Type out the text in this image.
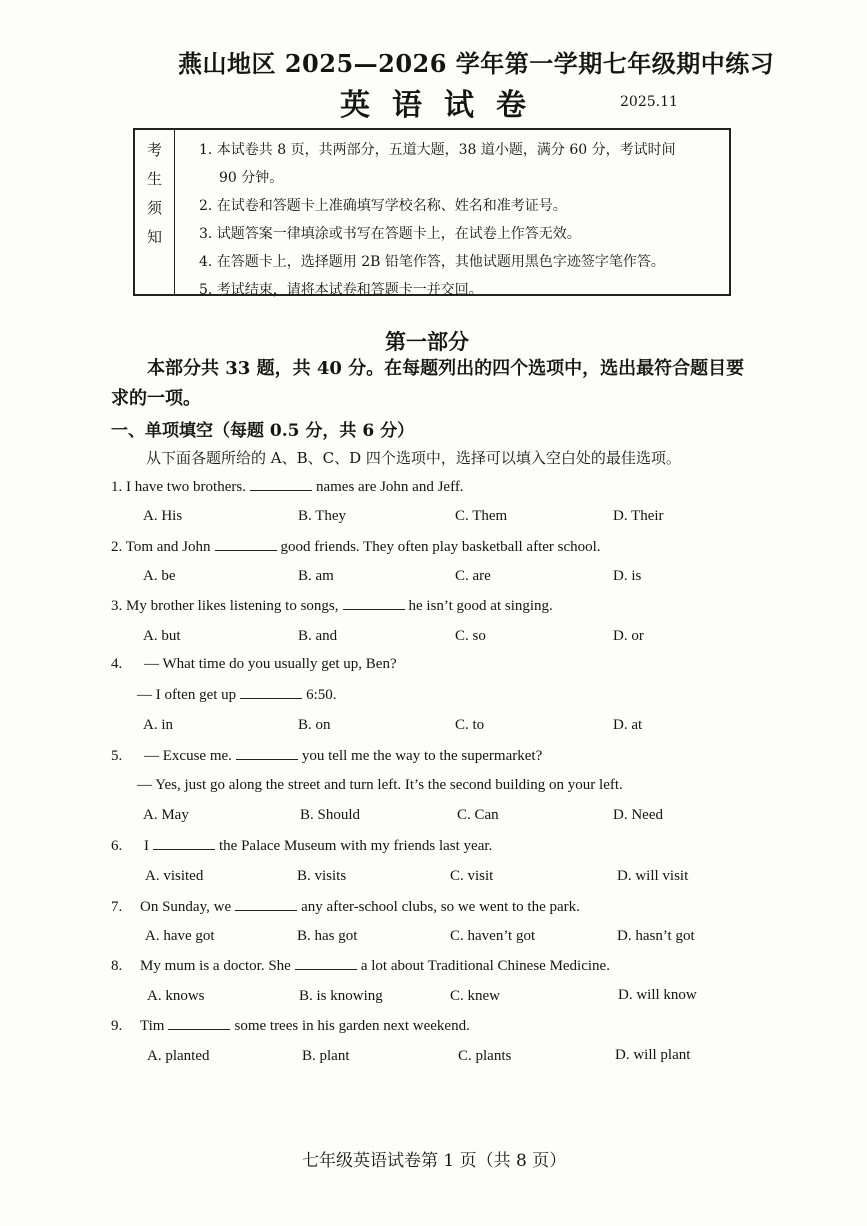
燕山地区 2025—2026 学年第一学期七年级期中练习
英语试卷	2025.11
考
生
须
知
1. 本试卷共 8 页，共两部分，五道大题，38 道小题，满分 60 分，考试时间
90 分钟。
2. 在试卷和答题卡上准确填写学校名称、姓名和准考证号。
3. 试题答案一律填涂或书写在答题卡上，在试卷上作答无效。
4. 在答题卡上，选择题用 2B 铅笔作答，其他试题用黑色字迹签字笔作答。
5. 考试结束，请将本试卷和答题卡一并交回。
第一部分
本部分共 33 题，共 40 分。在每题列出的四个选项中，选出最符合题目要求的一项。
一、单项填空（每题 0.5 分，共 6 分）
从下面各题所给的 A、B、C、D 四个选项中，选择可以填入空白处的最佳选项。
1. I have two brothers.	names are John and Jeff.
A. His	B. They	C. Them	D. Their
2. Tom and John	good friends. They often play basketball after school.
A. be	B. am	C. are	D. is
3. My brother likes listening to songs,	he isn’t good at singing.
A. but	B. and	C. so	D. or
4. — What time do you usually get up, Ben?
— I often get up	6:50.
A. in	B. on	C. to	D. at
5. — Excuse me.	you tell me the way to the supermarket?
— Yes, just go along the street and turn left. It’s the second building on your left.
A. May	B. Should	C. Can	D. Need
6. I	the Palace Museum with my friends last year.
A. visited	B. visits	C. visit	D. will visit
7. On Sunday, we	any after-school clubs, so we went to the park.
A. have got	B. has got	C. haven’t got	D. hasn’t got
8. My mum is a doctor. She	a lot about Traditional Chinese Medicine.
A. knows	B. is knowing	C. knew	D. will know
9. Tim	some trees in his garden next weekend.
A. planted	B. plant	C. plants	D. will plant
七年级英语试卷第 1 页（共 8 页）
